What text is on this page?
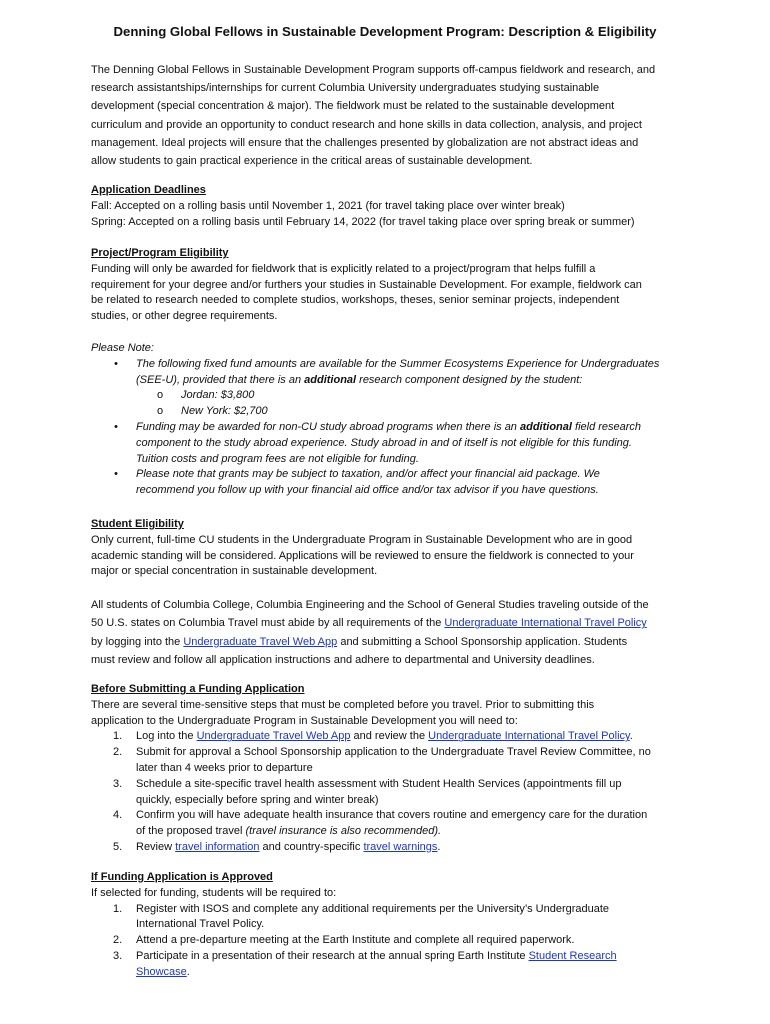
Denning Global Fellows in Sustainable Development Program: Description & Eligibility
The Denning Global Fellows in Sustainable Development Program supports off-campus fieldwork and research, and
research assistantships/internships for current Columbia University undergraduates studying sustainable
development (special concentration & major). The fieldwork must be related to the sustainable development
curriculum and provide an opportunity to conduct research and hone skills in data collection, analysis, and project
management. Ideal projects will ensure that the challenges presented by globalization are not abstract ideas and
allow students to gain practical experience in the critical areas of sustainable development.
Application Deadlines
Fall: Accepted on a rolling basis until November 1, 2021 (for travel taking place over winter break)
Spring: Accepted on a rolling basis until February 14, 2022 (for travel taking place over spring break or summer)
Project/Program Eligibility
Funding will only be awarded for fieldwork that is explicitly related to a project/program that helps fulfill a
requirement for your degree and/or furthers your studies in Sustainable Development. For example, fieldwork can
be related to research needed to complete studios, workshops, theses, senior seminar projects, independent
studies, or other degree requirements.
Please Note:
• The following fixed fund amounts are available for the Summer Ecosystems Experience for Undergraduates
(SEE-U), provided that there is an additional research component designed by the student:
o Jordan: $3,800
o New York: $2,700
• Funding may be awarded for non-CU study abroad programs when there is an additional field research
component to the study abroad experience. Study abroad in and of itself is not eligible for this funding.
Tuition costs and program fees are not eligible for funding.
• Please note that grants may be subject to taxation, and/or affect your financial aid package. We
recommend you follow up with your financial aid office and/or tax advisor if you have questions.
Student Eligibility
Only current, full-time CU students in the Undergraduate Program in Sustainable Development who are in good
academic standing will be considered. Applications will be reviewed to ensure the fieldwork is connected to your
major or special concentration in sustainable development.
All students of Columbia College, Columbia Engineering and the School of General Studies traveling outside of the
50 U.S. states on Columbia Travel must abide by all requirements of the Undergraduate International Travel Policy
by logging into the Undergraduate Travel Web App and submitting a School Sponsorship application. Students
must review and follow all application instructions and adhere to departmental and University deadlines.
Before Submitting a Funding Application
There are several time-sensitive steps that must be completed before you travel. Prior to submitting this
application to the Undergraduate Program in Sustainable Development you will need to:
1. Log into the Undergraduate Travel Web App and review the Undergraduate International Travel Policy.
2. Submit for approval a School Sponsorship application to the Undergraduate Travel Review Committee, no
later than 4 weeks prior to departure
3. Schedule a site-specific travel health assessment with Student Health Services (appointments fill up
quickly, especially before spring and winter break)
4. Confirm you will have adequate health insurance that covers routine and emergency care for the duration
of the proposed travel (travel insurance is also recommended).
5. Review travel information and country-specific travel warnings.
If Funding Application is Approved
If selected for funding, students will be required to:
1. Register with ISOS and complete any additional requirements per the University’s Undergraduate
International Travel Policy.
2. Attend a pre-departure meeting at the Earth Institute and complete all required paperwork.
3. Participate in a presentation of their research at the annual spring Earth Institute Student Research
Showcase.
